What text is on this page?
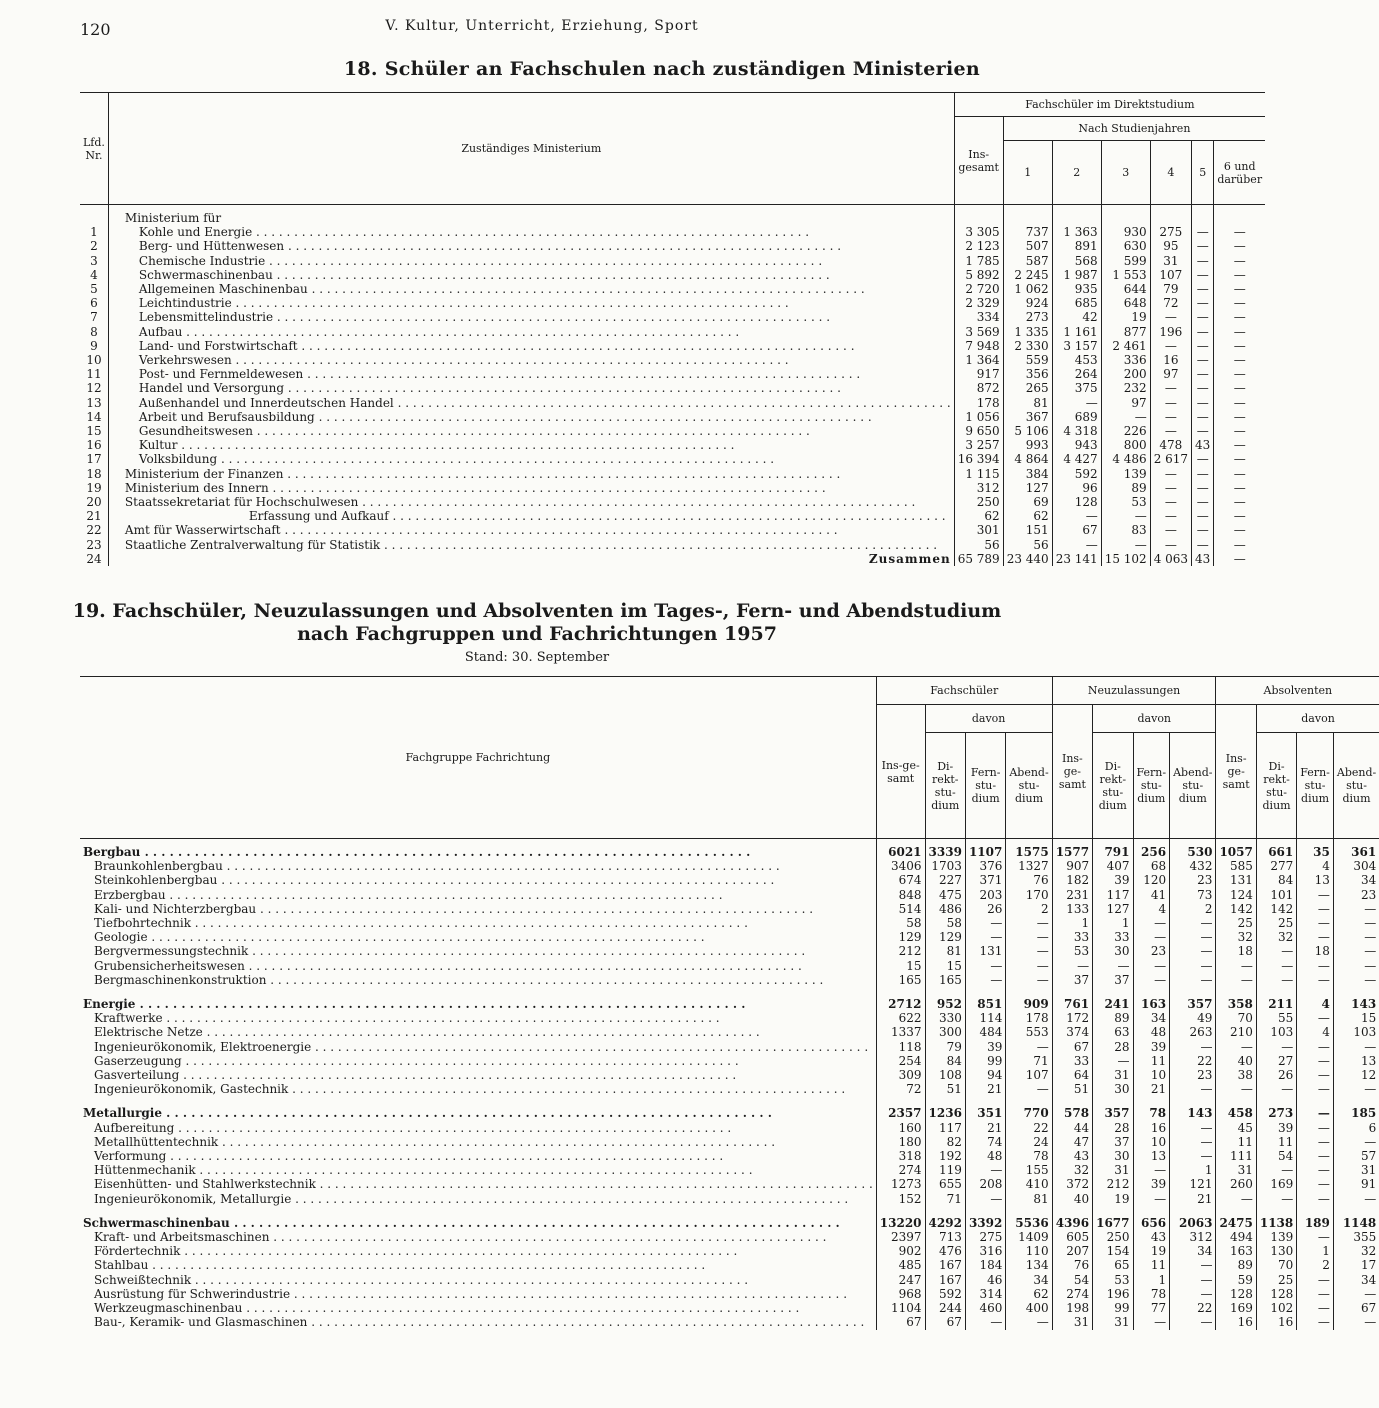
120	V. Kultur, Unterricht, Erziehung, Sport
18. Schüler an Fachschulen nach zuständigen Ministerien
Lfd. Nr.	Zuständiges Ministerium	Fachschüler im Direktstudium						
		Ins-gesamt	Nach Studienjahren					
			1	2	3	4	5	6 und darüber
	Ministerium für							
1	Kohle und Energie . . .	3 305	737	1 363	930	275	—	—
2	Berg- und Hüttenwesen . . .	2 123	507	891	630	95	—	—
3	Chemische Industrie . . .	1 785	587	568	599	31	—	—
4	Schwermaschinenbau . . .	5 892	2 245	1 987	1 553	107	—	—
5	Allgemeinen Maschinenbau . . .	2 720	1 062	935	644	79	—	—
6	Leichtindustrie . . .	2 329	924	685	648	72	—	—
7	Lebensmittelindustrie . . .	334	273	42	19	—	—	—
8	Aufbau . . .	3 569	1 335	1 161	877	196	—	—
9	Land- und Forstwirtschaft . . .	7 948	2 330	3 157	2 461	—	—	—
10	Verkehrswesen . . .	1 364	559	453	336	16	—	—
11	Post- und Fernmeldewesen . . .	917	356	264	200	97	—	—
12	Handel und Versorgung . . .	872	265	375	232	—	—	—
13	Außenhandel und Innerdeutschen Handel . . .	178	81	—	97	—	—	—
14	Arbeit und Berufsausbildung . . .	1 056	367	689	—	—	—	—
15	Gesundheitswesen . . .	9 650	5 106	4 318	226	—	—	—
16	Kultur . . .	3 257	993	943	800	478	43	—
17	Volksbildung . . .	16 394	4 864	4 427	4 486	2 617	—	—
18	Ministerium der Finanzen . . .	1 115	384	592	139	—	—	—
19	Ministerium des Innern . . .	312	127	96	89	—	—	—
20	Staatssekretariat für Hochschulwesen . . .	250	69	128	53	—	—	—
21	Erfassung und Aufkauf . . .	62	62	—	—	—	—	—
22	Amt für Wasserwirtschaft . . .	301	151	67	83	—	—	—
23	Staatliche Zentralverwaltung für Statistik . . .	56	56	—	—	—	—	—
24	Zusammen	65 789	23 440	23 141	15 102	4 063	43	—
19. Fachschüler, Neuzulassungen und Absolventen im Tages-, Fern- und Abendstudium
nach Fachgruppen und Fachrichtungen 1957
Stand: 30. September
Fachgruppe Fachrichtung	Fachschüler				Neuzulassungen				Absolventen			
	Ins-ge-samt	davon			Ins-ge-samt	davon			Ins-ge-samt	davon		
		Di-rekt-stu-dium	Fern-stu-dium	Abend-stu-dium		Di-rekt-stu-dium	Fern-stu-dium	Abend-stu-dium		Di-rekt-stu-dium	Fern-stu-dium	Abend-stu-dium
Bergbau . . .	6021	3339	1107	1575	1577	791	256	530	1057	661	35	361
Braunkohlenbergbau . . .	3406	1703	376	1327	907	407	68	432	585	277	4	304
Steinkohlenbergbau . . .	674	227	371	76	182	39	120	23	131	84	13	34
Erzbergbau . . .	848	475	203	170	231	117	41	73	124	101	—	23
Kali- und Nichterzbergbau . . .	514	486	26	2	133	127	4	2	142	142	—	—
Tiefbohrtechnik . . .	58	58	—	—	1	1	—	—	25	25	—	—
Geologie . . .	129	129	—	—	33	33	—	—	32	32	—	—
Bergvermessungstechnik . . .	212	81	131	—	53	30	23	—	18	—	18	—
Grubensicherheitswesen . . .	15	15	—	—	—	—	—	—	—	—	—	—
Bergmaschinenkonstruktion . . .	165	165	—	—	37	37	—	—	—	—	—	—
Energie . . .	2712	952	851	909	761	241	163	357	358	211	4	143
Kraftwerke . . .	622	330	114	178	172	89	34	49	70	55	—	15
Elektrische Netze . . .	1337	300	484	553	374	63	48	263	210	103	4	103
Ingenieurökonomik, Elektroenergie . . .	118	79	39	—	67	28	39	—	—	—	—	—
Gaserzeugung . . .	254	84	99	71	33	—	11	22	40	27	—	13
Gasverteilung . . .	309	108	94	107	64	31	10	23	38	26	—	12
Ingenieurökonomik, Gastechnik . . .	72	51	21	—	51	30	21	—	—	—	—	—
Metallurgie . . .	2357	1236	351	770	578	357	78	143	458	273	—	185
Aufbereitung . . .	160	117	21	22	44	28	16	—	45	39	—	6
Metallhüttentechnik . . .	180	82	74	24	47	37	10	—	11	11	—	—
Verformung . . .	318	192	48	78	43	30	13	—	111	54	—	57
Hüttenmechanik . . .	274	119	—	155	32	31	—	1	31	—	—	31
Eisenhütten- und Stahlwerkstechnik . . .	1273	655	208	410	372	212	39	121	260	169	—	91
Ingenieurökonomik, Metallurgie . . .	152	71	—	81	40	19	—	21	—	—	—	—
Schwermaschinenbau . . .	13220	4292	3392	5536	4396	1677	656	2063	2475	1138	189	1148
Kraft- und Arbeitsmaschinen . . .	2397	713	275	1409	605	250	43	312	494	139	—	355
Fördertechnik . . .	902	476	316	110	207	154	19	34	163	130	1	32
Stahlbau . . .	485	167	184	134	76	65	11	—	89	70	2	17
Schweißtechnik . . .	247	167	46	34	54	53	1	—	59	25	—	34
Ausrüstung für Schwerindustrie . . .	968	592	314	62	274	196	78	—	128	128	—	—
Werkzeugmaschinenbau . . .	1104	244	460	400	198	99	77	22	169	102	—	67
Bau-, Keramik- und Glasmaschinen . . .	67	67	—	—	31	31	—	—	16	16	—	—
